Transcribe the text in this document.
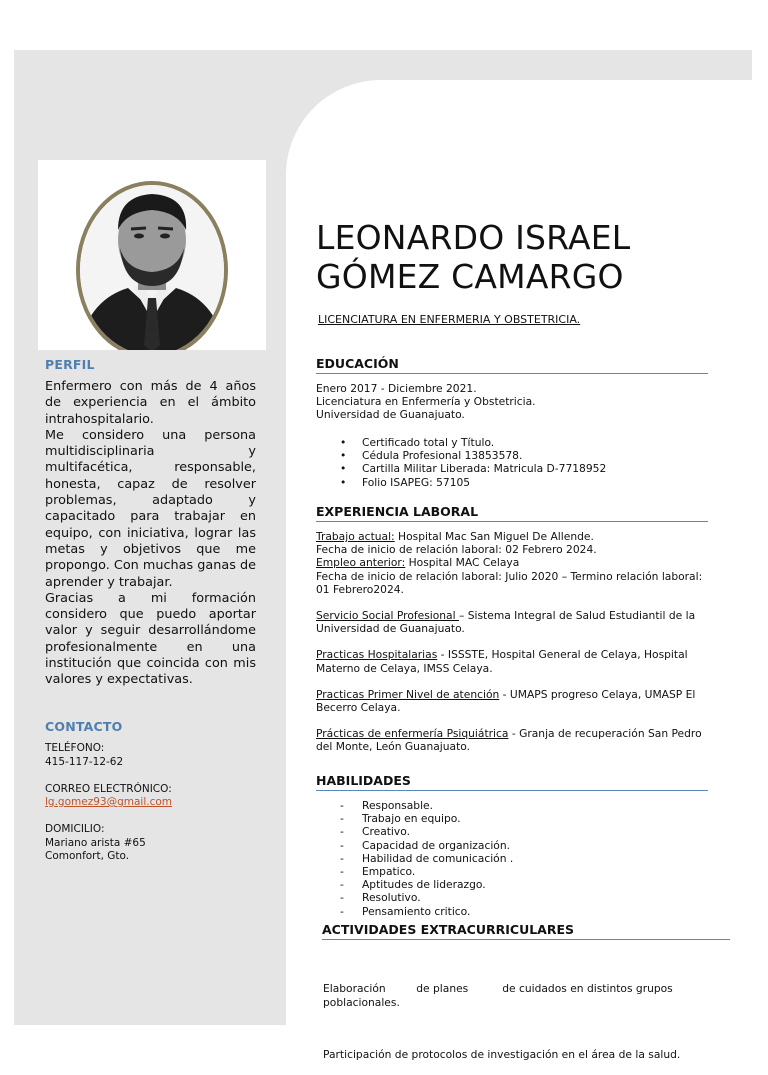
PERFIL

Enfermero con más de 4 años de experiencia en el ámbito intrahospitalario.

Me considero una persona multidisciplinaria y multifacética, responsable, honesta, capaz de resolver problemas, adaptado y capacitado para trabajar en equipo, con iniciativa, lograr las metas y objetivos que me propongo. Con muchas ganas de aprender y trabajar.

Gracias a mi formación considero que puedo aportar valor y seguir desarrollándome profesionalmente en una institución que coincida con mis valores y expectativas.

CONTACTO
TELÉFONO:
415-117-12-62
CORREO ELECTRÓNICO:
lg.gomez93@gmail.com
DOMICILIO:
Mariano arista #65
Comonfort, Gto.
LEONARDO ISRAEL
GÓMEZ CAMARGO
LICENCIATURA EN ENFERMERIA Y OBSTETRICIA.
EDUCACIÓN
Enero 2017 - Diciembre 2021.
Licenciatura en Enfermería y Obstetricia.
Universidad de Guanajuato.
• Certificado total y Título.
• Cédula Profesional 13853578.
• Cartilla Militar Liberada: Matricula D-7718952
• Folio ISAPEG: 57105
EXPERIENCIA LABORAL
Trabajo actual: Hospital Mac San Miguel De Allende.
Fecha de inicio de relación laboral: 02 Febrero 2024.
Empleo anterior: Hospital MAC Celaya
Fecha de inicio de relación laboral: Julio 2020 – Termino relación laboral: 01 Febrero2024.
Servicio Social Profesional – Sistema Integral de Salud Estudiantil de la Universidad de Guanajuato.
Practicas Hospitalarias - ISSSTE, Hospital General de Celaya, Hospital Materno de Celaya, IMSS Celaya.
Practicas Primer Nivel de atención - UMAPS progreso Celaya, UMASP El Becerro Celaya.
Prácticas de enfermería Psiquiátrica - Granja de recuperación San Pedro del Monte, León Guanajuato.
HABILIDADES
- Responsable.
- Trabajo en equipo.
- Creativo.
- Capacidad de organización.
- Habilidad de comunicación .
- Empatico.
- Aptitudes de liderazgo.
- Resolutivo.
- Pensamiento critico.
ACTIVIDADES EXTRACURRICULARES

Elaboración         de planes          de cuidados en distintos grupos poblacionales.

Participación de protocolos de investigación en el área de la salud.
